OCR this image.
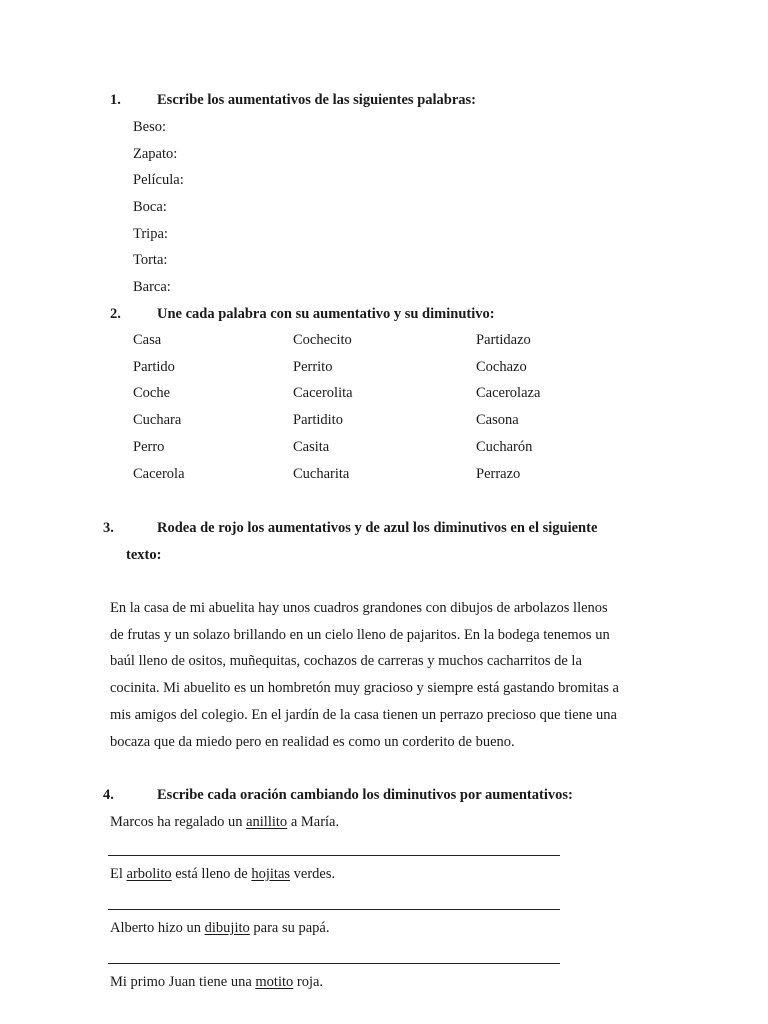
1. Escribe los aumentativos de las siguientes palabras:
Beso:
Zapato:
Película:
Boca:
Tripa:
Torta:
Barca:
2. Une cada palabra con su aumentativo y su diminutivo:
Casa
Partido
Coche
Cuchara
Perro
Cacerola
Cochecito
Perrito
Cacerolita
Partidito
Casita
Cucharita
Partidazo
Cochazo
Cacerolaza
Casona
Cucharón
Perrazo
3.	Rodea de rojo los aumentativos y de azul los diminutivos en el siguiente
texto:
En la casa de mi abuelita hay unos cuadros grandones con dibujos de arbolazos llenos
de frutas y un solazo brillando en un cielo lleno de pajaritos. En la bodega tenemos un
baúl lleno de ositos, muñequitas, cochazos de carreras y muchos cacharritos de la
cocinita. Mi abuelito es un hombretón muy gracioso y siempre está gastando bromitas a
mis amigos del colegio. En el jardín de la casa tienen un perrazo precioso que tiene una
bocaza que da miedo pero en realidad es como un corderito de bueno.
4.	Escribe cada oración cambiando los diminutivos por aumentativos:
Marcos ha regalado un anillito a María.
El arbolito está lleno de hojitas verdes.
Alberto hizo un dibujito para su papá.
Mi primo Juan tiene una motito roja.
